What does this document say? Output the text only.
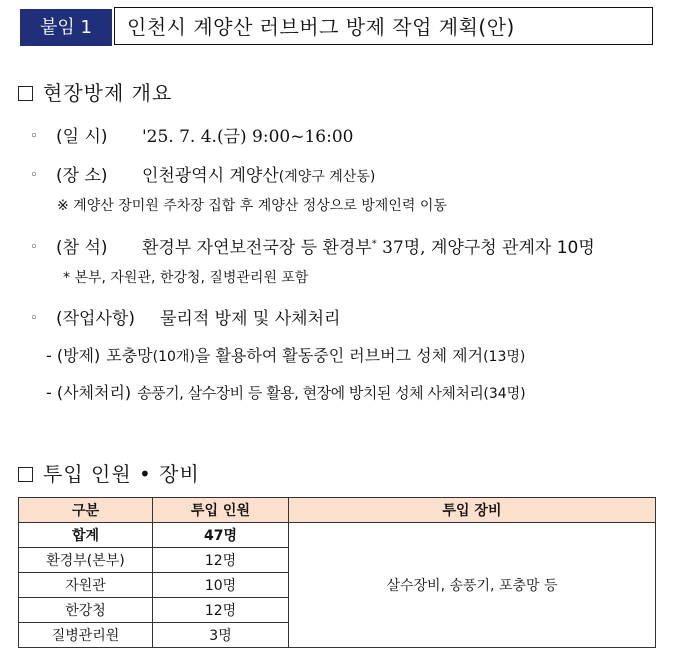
붙임 1	인천시 계양산 러브버그 방제 작업 계획(안)
현장방제 개요
◦ (일 시) '25. 7. 4.(금) 9:00~16:00
◦ (장 소) 인천광역시 계양산(계양구 계산동)
※ 계양산 장미원 주차장 집합 후 계양산 정상으로 방제인력 이동
◦ (참 석) 환경부 자연보전국장 등 환경부* 37명, 계양구청 관계자 10명
* 본부, 자원관, 한강청, 질병관리원 포함
◦ (작업사항) 물리적 방제 및 사체처리
- (방제) 포충망(10개)을 활용하여 활동중인 러브버그 성체 제거(13명)
- (사체처리) 송풍기, 살수장비 등 활용, 현장에 방치된 성체 사체처리(34명)
투입 인원 • 장비
구분	투입 인원	투입 장비
합계	47명	살수장비, 송풍기, 포충망 등
환경부(본부)	12명	
자원관	10명	
한강청	12명	
질병관리원	3명	
